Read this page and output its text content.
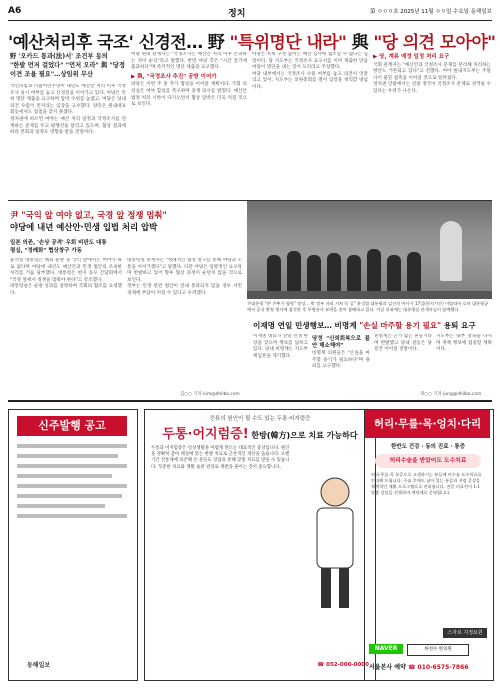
A6	정치	第 ㅇㅇㅇ호 2025년 11월 ㅇㅇ일 수요일 동해일보
'예산처리후 국조' 신경전… 野 "특위명단 내라" 與 "당 의견 모아야"
野 '오카드 통과(法)서' 조건부 동의
"한발 먼저 걸었다" "먼저 오라" 與 "당정 이견 조율 필요"…상임위 무산

국민의힘과 더불어민주당이 내년도 예산안 처리 이후 국정조사 실시 여부를 놓고 신경전을 이어가고 있다. 야당은 특위 명단 제출을 요구하며 압박 수위를 높였고, 여당은 당내 의견 수렴이 먼저라는 입장을 고수했다. 양측은 원내대표 회동에서도 접점을 찾지 못했다.

정치권에 따르면 여야는 예산 처리 일정과 국정조사를 연계하는 문제를 두고 평행선을 달리고 있으며, 협상 결과에 따라 본회의 일정도 영향을 받을 전망이다.

여당 원내 관계자는 "국정조사는 예산안 처리 이후 논의하는 것이 순리"라고 말했다. 반면 야당 측은 "시간 끌기에 불과하다"며 즉각적인 명단 제출을 요구했다.

▶ 與, "국정조사 추진" 공방 이어가

양당은 이번 주 중 추가 협상을 이어갈 계획이다. 국회 의장실은 여야 합의를 촉구하며 중재 의사를 밝혔다. 예산안 법정 처리 시한이 다가오면서 협상 압박은 더욱 커질 것으로 보인다.

야당은 특위 구성 없이는 예산 심사에 협조할 수 없다는 입장이다. 당 지도부는 국정조사 요구서를 이미 제출한 만큼 여당이 명단을 내는 것이 도리라고 주장했다.

여당 내부에서는 국정조사 수용 여부를 놓고 의견이 엇갈리고 있어, 지도부는 의원총회를 열어 입장을 정리할 방침이다.

▶ 당, 계류 예정 일정 처리 요구

국회 관계자는 "예산안과 국정조사 문제를 분리해 처리하는 방안도 거론되고 있다"고 전했다. 여야 원내지도부는 주말 사이 물밑 접촉을 이어갈 것으로 알려졌다.

정치권 안팎에서는 연말 정국이 국정조사 문제로 경색될 수 있다는 우려가 나온다.

尹 "국익 앞 여야 없고, 국경 앞 정쟁 멈춰"
야당에 내년 예산안·민생 입법 처리 압박
일본 의존, '손상 공격' 우회 비판도 대통령실, "정례화" 협상창구 가동

윤석열 대통령은 해외 순방 중 국익 앞에서는 여야가 따로 없다며 야당에 내년도 예산안과 민생 법안의 조속한 처리를 거듭 당부했다. 대통령은 현지 동포 간담회에서 "국경 앞에서 정쟁을 멈춰야 한다"고 강조했다.

대통령실은 순방 성과를 설명하며 국회의 협조를 요청했다.

대통령실 관계자는 "정례적인 협상 창구를 통해 야당과 소통을 이어가겠다"고 말했다. 다만 야당은 일방적인 요구라며 반발하고 있어 향후 협상 과정이 순탄치 않을 것으로 보인다.

정부는 민생 관련 법안이 연내 통과되지 않을 경우 서민 경제에 부담이 커질 수 있다고 우려했다.

김○○ 기자 kim@dhilbo.com
尹대통령 "伊 尹추가 협력" 정성… 박 정부 자리 거쳐 꼭 길" 윤석열 대통령과 김건희 여사가 17일(현지시간) 이탈리아 로마 대통령궁에서 공식 환영 행사에 참석한 후 무명용사 묘역을 찾아 참배하고 있다. 이날 헌화에는 대통령실 관계자들이 함께했다.
이재명 연일 민생행보… 비명계 "손실 마주할 용기 필요" 용퇴 요구

이재명 대표가 연일 민생 현장을 찾으며 행보를 넓히고 있다. 당내 비명계는 지도부 책임론을 제기했다.

당정 "신뢰회복으로 불안 해소해야"

비명계 의원들은 "손실을 마주할 용기가 필요하다"며 용퇴를 요구했다.

친명계는 근거 없는 흔들기라며 반발했고 당내 갈등은 당분간 이어질 전망이다.

지도부는 내부 결속을 다지며 정책 행보에 집중할 계획이다.

정○○ 기자 jung@dhilbo.com
신주발행 공고
동해일보
증류의 원인이 될 수도 있는 두통·어지럼증
두통·어지럼증! 한방(韓方)으로 치료 가능하다
두통과 어지럼증은 일상생활을 어렵게 만드는 대표적인 증상입니다. 원인을 정확히 찾아 체질에 맞는 한방 치료로 근본적인 개선을 돕습니다. 오랜 기간 진통제에 의존해 온 분들도 상담을 통해 맞춤 치료를 받을 수 있습니다. 꾸준한 치료와 생활 습관 관리로 재발을 줄이는 것이 중요합니다.
☎ 052-000-0000
허리·무릎·목·엉치·다리
한반도 건강 · 동의 진료 · 통증
허리수술을 받았어도 도수치료
허리·무릎·목 통증으로 고생하시는 분들께 비수술 도수치료를 안내해 드립니다. 수술 후에도 남아 있는 통증과 저림 증상을 체계적인 재활 프로그램으로 관리합니다. 전문 의료진이 1:1 맞춤 상담을 진행하며 예약제로 운영됩니다.
스자르 지정요원
NAVER	하천수 한의원
서울본사 예약 ☎ 010-6575-7866
